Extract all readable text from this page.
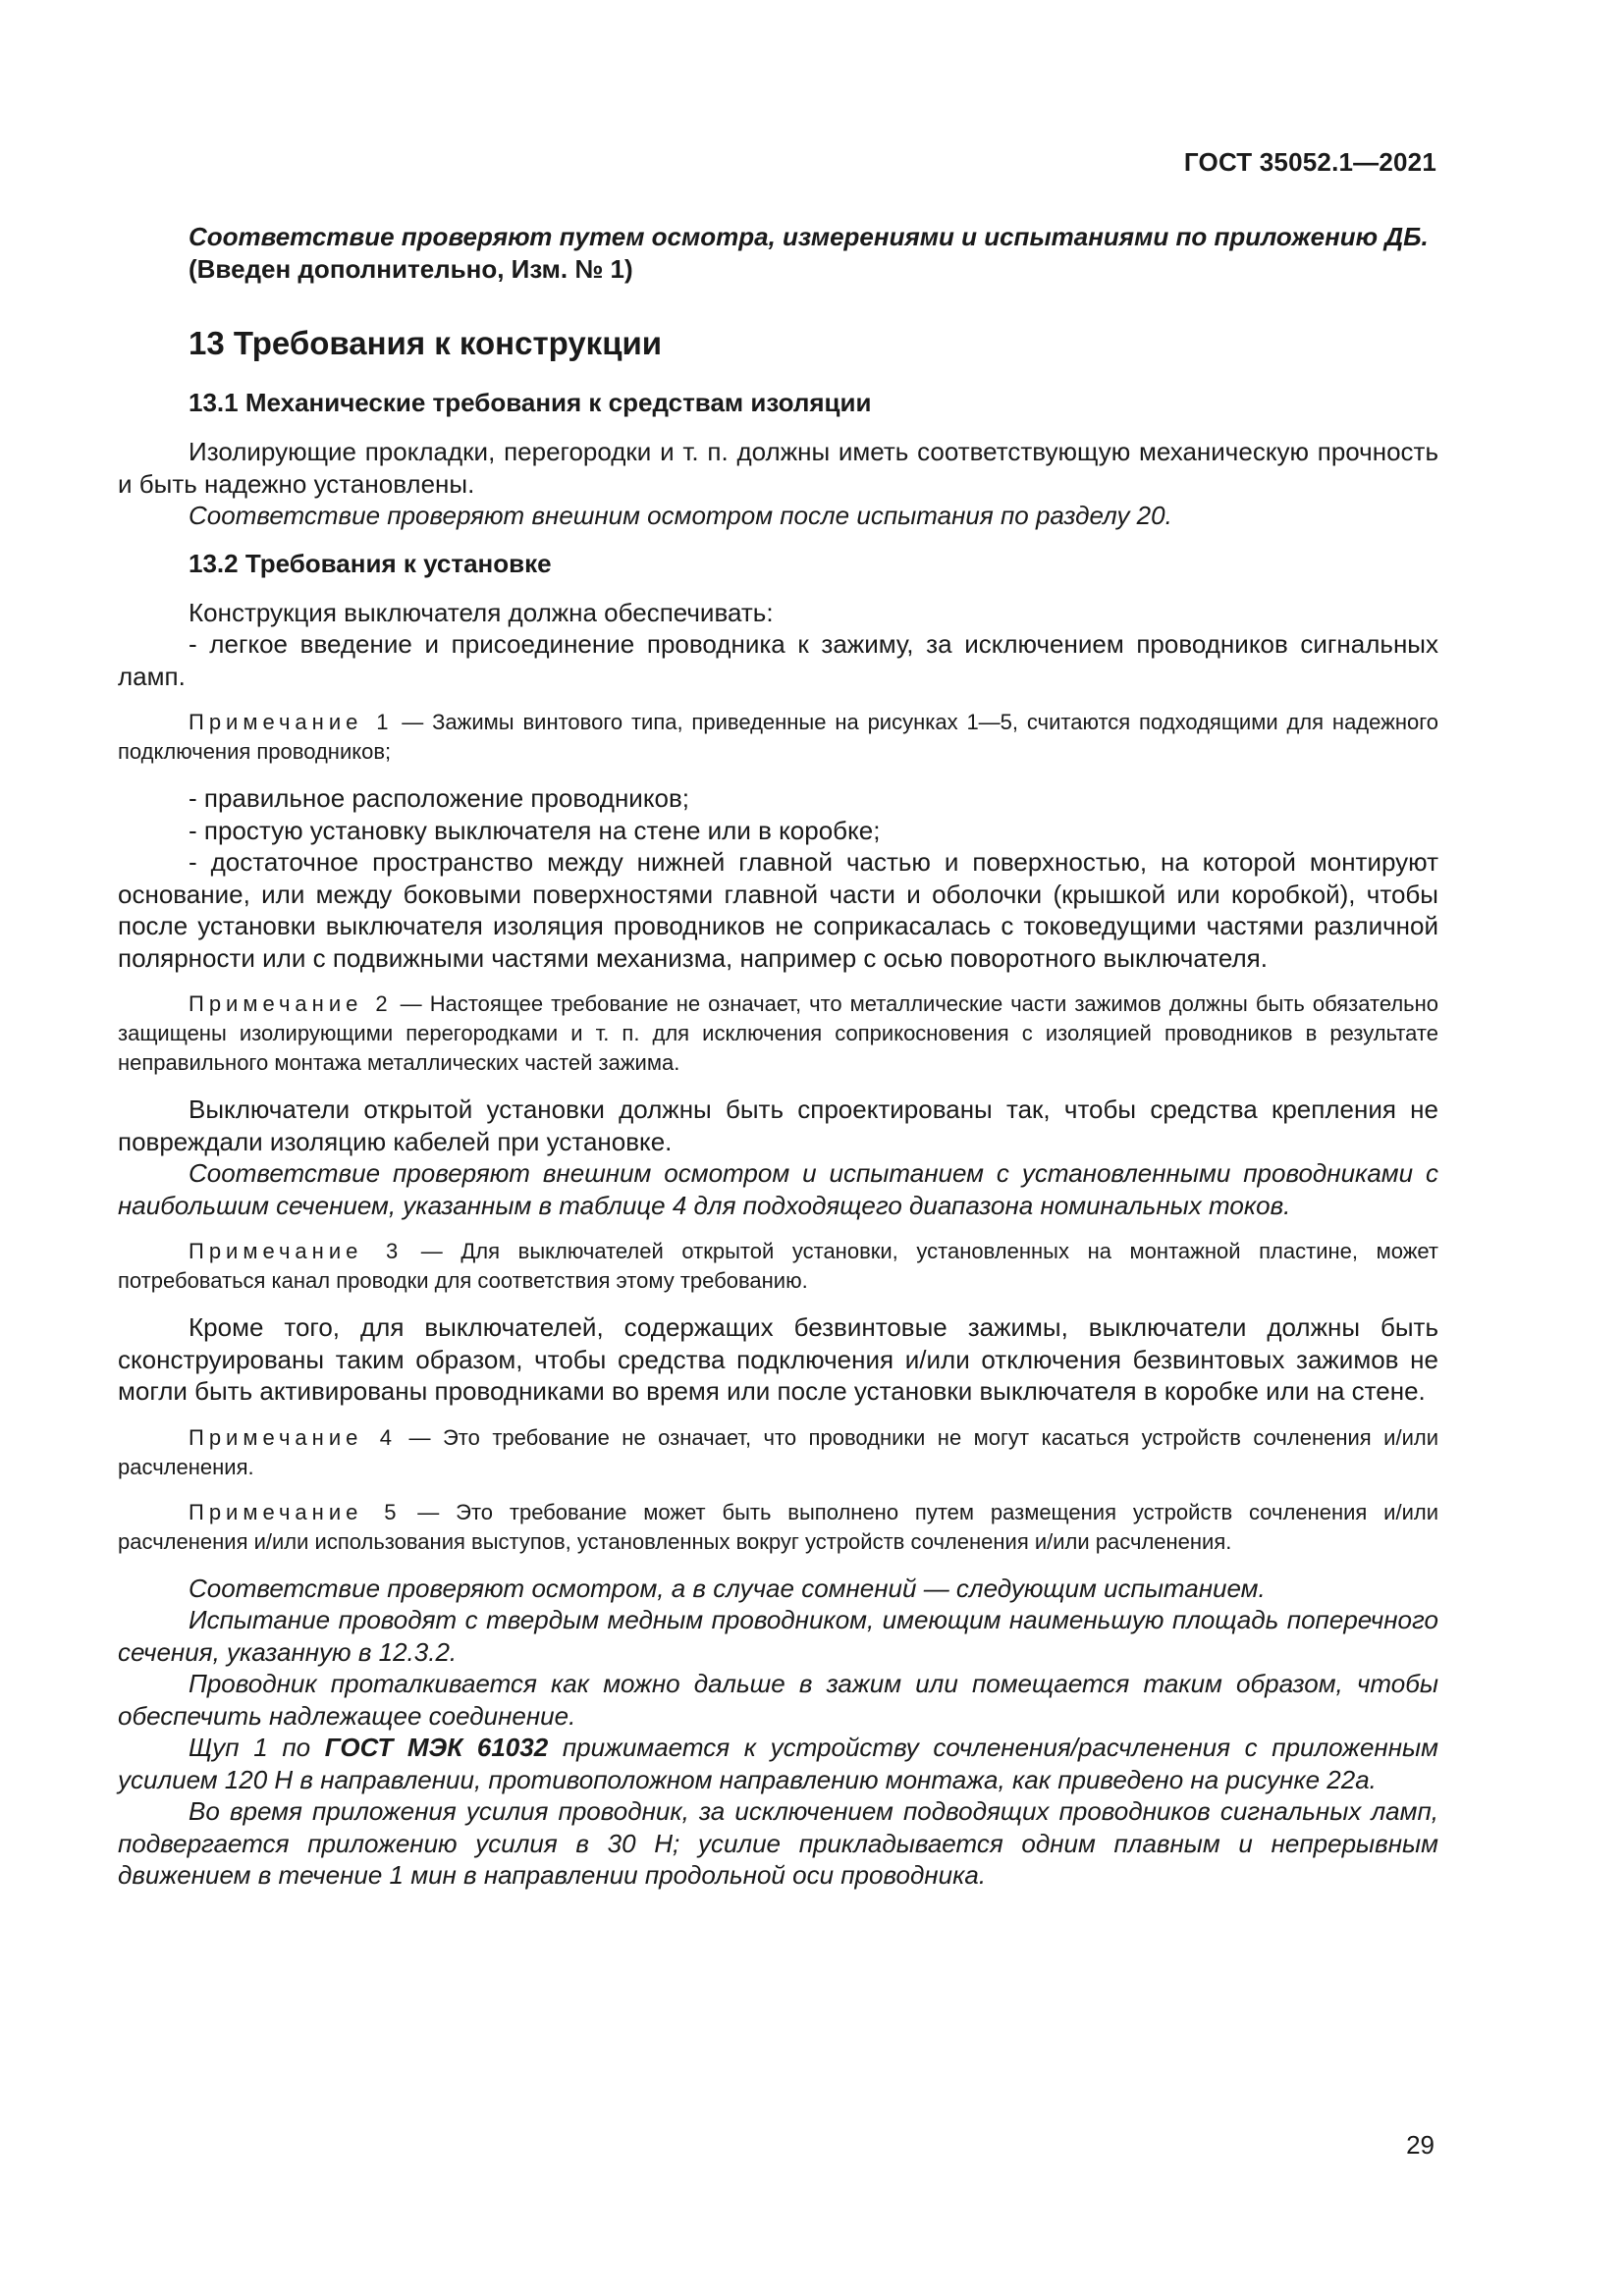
ГОСТ 35052.1—2021

Соответствие проверяют путем осмотра, измерениями и испытаниями по приложению ДБ.

(Введен дополнительно, Изм. № 1)

13 Требования к конструкции

13.1 Механические требования к средствам изоляции

Изолирующие прокладки, перегородки и т. п. должны иметь соответствующую механическую прочность и быть надежно установлены.

Соответствие проверяют внешним осмотром после испытания по разделу 20.

13.2 Требования к установке

Конструкция выключателя должна обеспечивать:

- легкое введение и присоединение проводника к зажиму, за исключением проводников сигнальных ламп.

Примечание 1 — Зажимы винтового типа, приведенные на рисунках 1—5, считаются подходящими для надежного подключения проводников;

- правильное расположение проводников;

- простую установку выключателя на стене или в коробке;

- достаточное пространство между нижней главной частью и поверхностью, на которой монтируют основание, или между боковыми поверхностями главной части и оболочки (крышкой или коробкой), чтобы после установки выключателя изоляция проводников не соприкасалась с токоведущими частями различной полярности или с подвижными частями механизма, например с осью поворотного выключателя.

Примечание 2 — Настоящее требование не означает, что металлические части зажимов должны быть обязательно защищены изолирующими перегородками и т. п. для исключения соприкосновения с изоляцией проводников в результате неправильного монтажа металлических частей зажима.

Выключатели открытой установки должны быть спроектированы так, чтобы средства крепления не повреждали изоляцию кабелей при установке.

Соответствие проверяют внешним осмотром и испытанием с установленными проводниками с наибольшим сечением, указанным в таблице 4 для подходящего диапазона номинальных токов.

Примечание 3 — Для выключателей открытой установки, установленных на монтажной пластине, может потребоваться канал проводки для соответствия этому требованию.

Кроме того, для выключателей, содержащих безвинтовые зажимы, выключатели должны быть сконструированы таким образом, чтобы средства подключения и/или отключения безвинтовых зажимов не могли быть активированы проводниками во время или после установки выключателя в коробке или на стене.

Примечание 4 — Это требование не означает, что проводники не могут касаться устройств сочленения и/или расчленения.

Примечание 5 — Это требование может быть выполнено путем размещения устройств сочленения и/или расчленения и/или использования выступов, установленных вокруг устройств сочленения и/или расчленения.

Соответствие проверяют осмотром, а в случае сомнений — следующим испытанием.

Испытание проводят с твердым медным проводником, имеющим наименьшую площадь поперечного сечения, указанную в 12.3.2.

Проводник проталкивается как можно дальше в зажим или помещается таким образом, чтобы обеспечить надлежащее соединение.

Щуп 1 по ГОСТ МЭК 61032 прижимается к устройству сочленения/расчленения с приложенным усилием 120 Н в направлении, противоположном направлению монтажа, как приведено на рисунке 22а.

Во время приложения усилия проводник, за исключением подводящих проводников сигнальных ламп, подвергается приложению усилия в 30 Н; усилие прикладывается одним плавным и непрерывным движением в течение 1 мин в направлении продольной оси проводника.

29
